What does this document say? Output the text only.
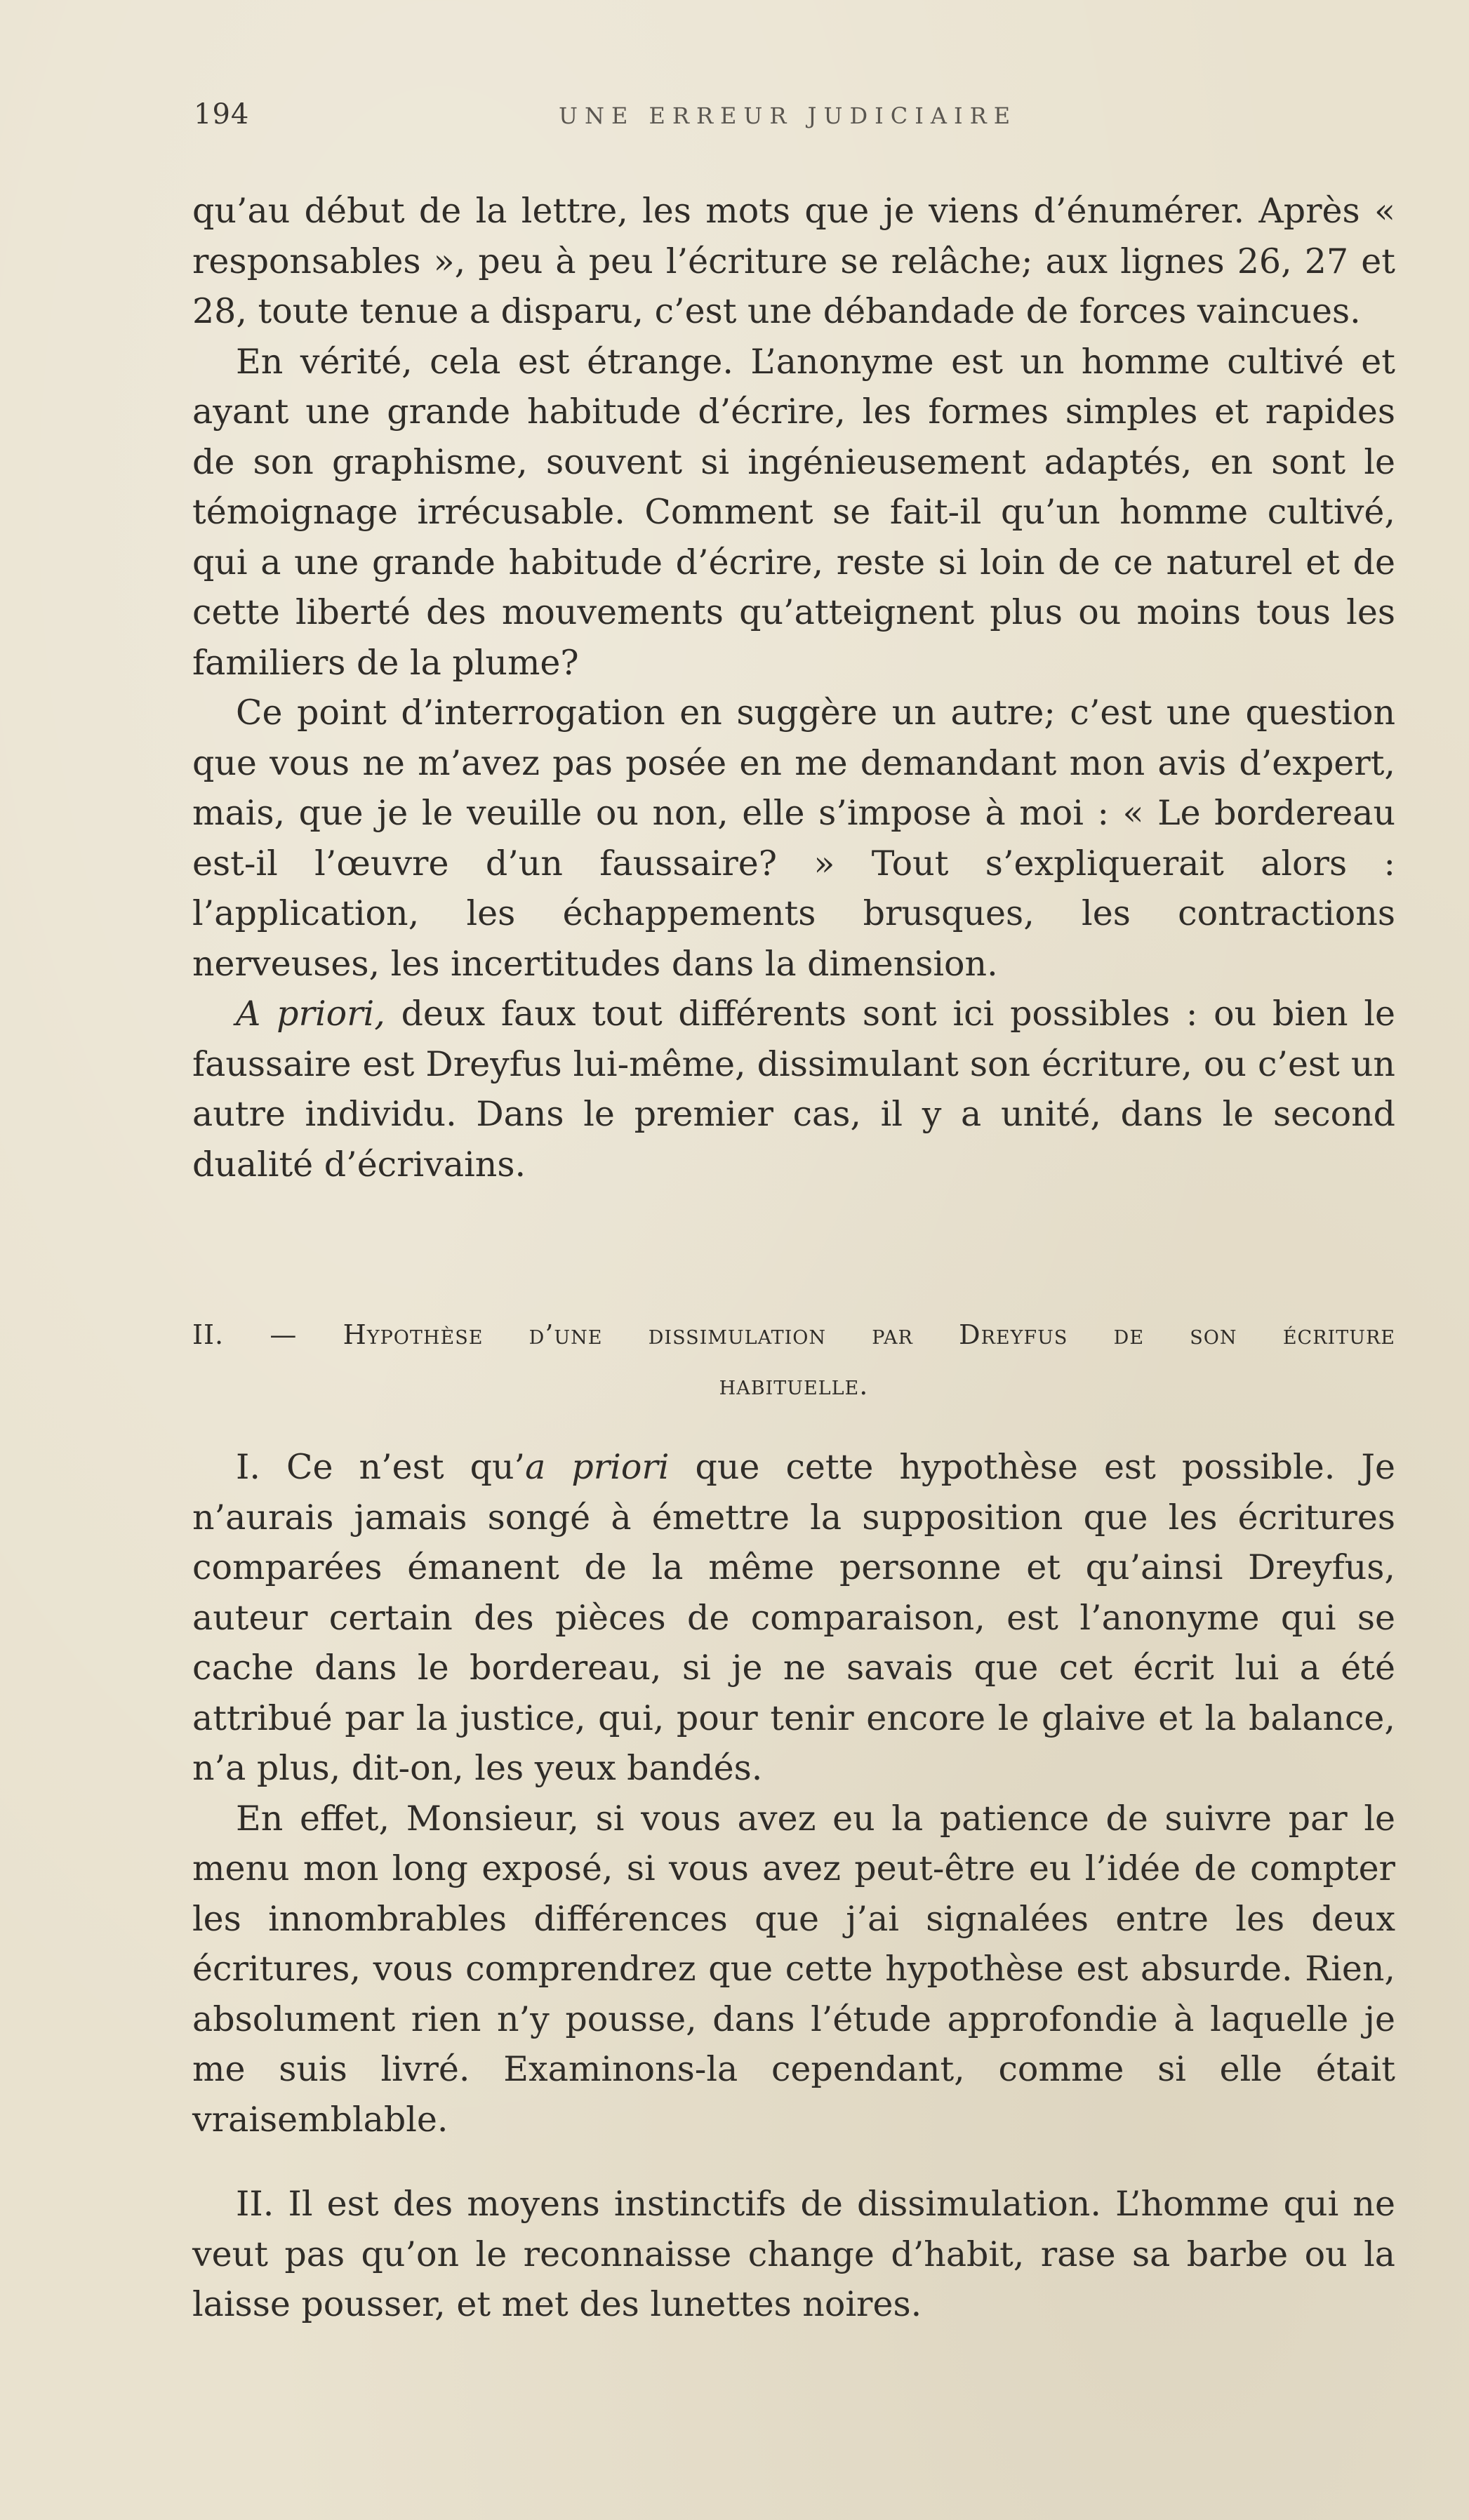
194	UNE ERREUR JUDICIAIRE

qu’au début de la lettre, les mots que je viens d’énumérer. Après « responsables », peu à peu l’écriture se relâche; aux lignes 26, 27 et 28, toute tenue a disparu, c’est une débandade de forces vaincues.

En vérité, cela est étrange. L’anonyme est un homme cultivé et ayant une grande habitude d’écrire, les formes simples et rapides de son graphisme, souvent si ingénieusement adaptés, en sont le témoignage irrécusable. Comment se fait-il qu’un homme cultivé, qui a une grande habitude d’écrire, reste si loin de ce naturel et de cette liberté des mouvements qu’atteignent plus ou moins tous les familiers de la plume?

Ce point d’interrogation en suggère un autre; c’est une question que vous ne m’avez pas posée en me demandant mon avis d’expert, mais, que je le veuille ou non, elle s’impose à moi : « Le bordereau est-il l’œuvre d’un faussaire? » Tout s’expliquerait alors : l’application, les échappements brusques, les contractions nerveuses, les incertitudes dans la dimension.

A priori, deux faux tout différents sont ici possibles : ou bien le faussaire est Dreyfus lui-même, dissimulant son écriture, ou c’est un autre individu. Dans le premier cas, il y a unité, dans le second dualité d’écrivains.

II. — Hypothèse d’une dissimulation par Dreyfus de son écriture
habituelle.

I. Ce n’est qu’a priori que cette hypothèse est possible. Je n’aurais jamais songé à émettre la supposition que les écritures comparées émanent de la même personne et qu’ainsi Dreyfus, auteur certain des pièces de comparaison, est l’anonyme qui se cache dans le bordereau, si je ne savais que cet écrit lui a été attribué par la justice, qui, pour tenir encore le glaive et la balance, n’a plus, dit-on, les yeux bandés.

En effet, Monsieur, si vous avez eu la patience de suivre par le menu mon long exposé, si vous avez peut-être eu l’idée de compter les innombrables différences que j’ai signalées entre les deux écritures, vous comprendrez que cette hypothèse est absurde. Rien, absolument rien n’y pousse, dans l’étude approfondie à laquelle je me suis livré. Examinons-la cependant, comme si elle était vraisemblable.

II. Il est des moyens instinctifs de dissimulation. L’homme qui ne veut pas qu’on le reconnaisse change d’habit, rase sa barbe ou la laisse pousser, et met des lunettes noires.
